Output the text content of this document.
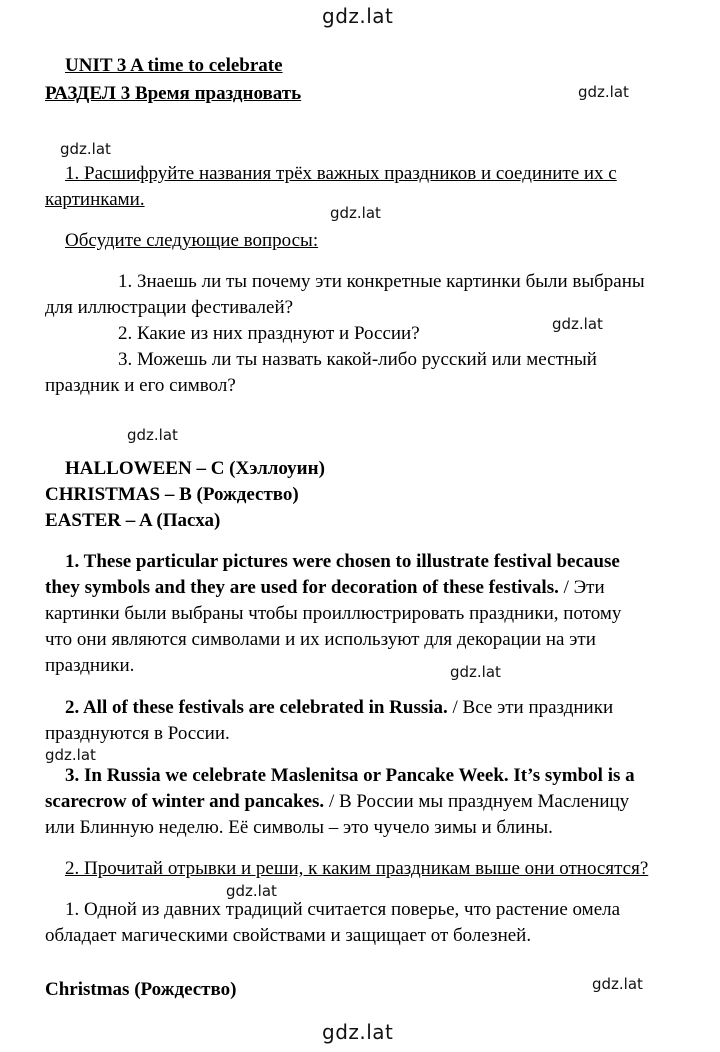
gdz.lat
gdz.lat
gdz.lat
gdz.lat
gdz.lat
gdz.lat
gdz.lat
gdz.lat
gdz.lat
gdz.lat
gdz.lat
UNIT 3 A time to celebrate
РАЗДЕЛ 3 Время праздновать
1. Расшифруйте названия трёх важных праздников и соедините их с
картинками.
Обсудите следующие вопросы:
1. Знаешь ли ты почему эти конкретные картинки были выбраны
для иллюстрации фестивалей?
2. Какие из них празднуют и России?
3. Можешь ли ты назвать какой-либо русский или местный
праздник и его символ?
HALLOWEEN – C (Хэллоуин)
CHRISTMAS – B (Рождество)
EASTER – A (Пасха)
1. These particular pictures were chosen to illustrate festival because
they symbols and they are used for decoration of these festivals. / Эти
картинки были выбраны чтобы проиллюстрировать праздники, потому
что они являются символами и их используют для декорации на эти
праздники.
2. All of these festivals are celebrated in Russia. / Все эти праздники
празднуются в России.
3. In Russia we celebrate Maslenitsa or Pancake Week. It’s symbol is a
scarecrow of winter and pancakes. / В России мы празднуем Масленицу
или Блинную неделю. Её символы – это чучело зимы и блины.
2. Прочитай отрывки и реши, к каким праздникам выше они относятся?
1. Одной из давних традиций считается поверье, что растение омела
обладает магическими свойствами и защищает от болезней.
Christmas (Рождество)
